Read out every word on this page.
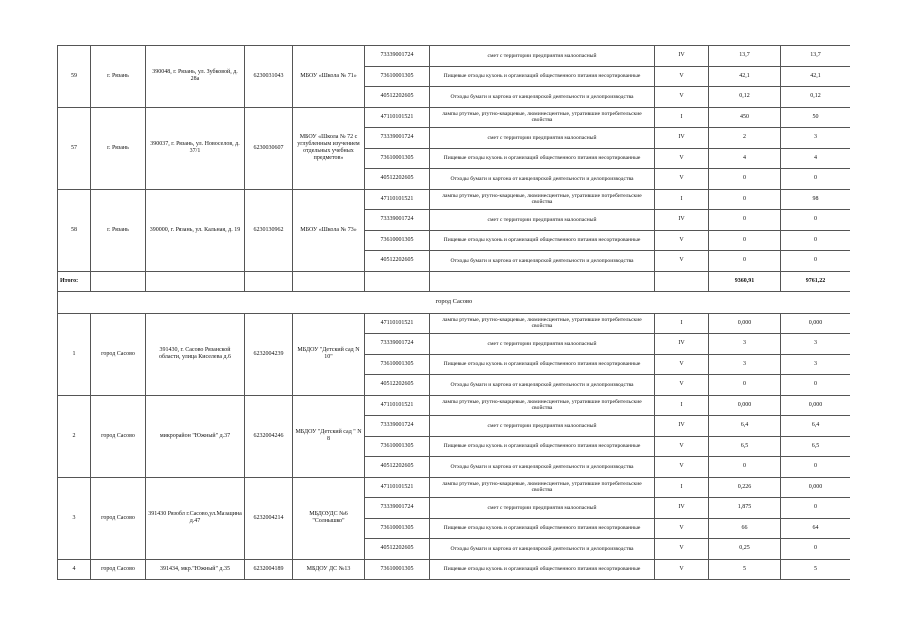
59	г. Рязань	390048, г. Рязань, ул. Зубковой, д. 28а	6230031043	МБОУ «Школа № 71»	73339001724	смет с территории предприятия малоопасный	IV	13,7	13,7
					73610001305	Пищевые отходы кухонь и организаций общественного питания несортированные	V	42,1	42,1
					40512202605	Отходы бумаги и картона от канцелярской деятельности и делопроизводства	V	0,12	0,12
57	г. Рязань	390037, г. Рязань, ул. Новоселов, д. 37/1	6230030607	МБОУ «Школа № 72 с углубленным изучением отдельных учебных предметов»	47110101521	лампы ртутные, ртутно-кварцевые, люминесцентные, утратившие потребительские свойства	I	450	50
					73339001724	смет с территории предприятия малоопасный	IV	2	3
					73610001305	Пищевые отходы кухонь и организаций общественного питания несортированные	V	4	4
					40512202605	Отходы бумаги и картона от канцелярской деятельности и делопроизводства	V	0	0
58	г. Рязань	390000, г. Рязань, ул. Кальная, д. 19	6230130962	МБОУ «Школа № 73»	47110101521	лампы ртутные, ртутно-кварцевые, люминесцентные, утратившие потребительские свойства	I	0	98
					73339001724	смет с территории предприятия малоопасный	IV	0	0
					73610001305	Пищевые отходы кухонь и организаций общественного питания несортированные	V	0	0
					40512202605	Отходы бумаги и картона от канцелярской деятельности и делопроизводства	V	0	0
Итого:								9360,91	9761,22
город Сасово									
1	город Сасово	391430, г. Сасово Рязанской области, улица Киселева д.6	6232004239	МБДОУ "Детский сад N 10"	47110101521	лампы ртутные, ртутно-кварцевые, люминесцентные, утратившие потребительские свойства	I	0,000	0,000
					73339001724	смет с территории предприятия малоопасный	IV	3	3
					73610001305	Пищевые отходы кухонь и организаций общественного питания несортированные	V	3	3
					40512202605	Отходы бумаги и картона от канцелярской деятельности и делопроизводства	V	0	0
2	город Сасово	микрорайон "Южный" д.37	6232004246	МБДОУ "Детский сад " N 8	47110101521	лампы ртутные, ртутно-кварцевые, люминесцентные, утратившие потребительские свойства	I	0,000	0,000
					73339001724	смет с территории предприятия малоопасный	IV	6,4	6,4
					73610001305	Пищевые отходы кухонь и организаций общественного питания несортированные	V	6,5	6,5
					40512202605	Отходы бумаги и картона от канцелярской деятельности и делопроизводства	V	0	0
3	город Сасово	391430 Рязобл г.Сасово,ул.Мазацина д.47	6232004214	МБДОУДС №6 "Солнышко"	47110101521	лампы ртутные, ртутно-кварцевые, люминесцентные, утратившие потребительские свойства	I	0,226	0,000
					73339001724	смет с территории предприятия малоопасный	IV	1,875	0
					73610001305	Пищевые отходы кухонь и организаций общественного питания несортированные	V	66	64
					40512202605	Отходы бумаги и картона от канцелярской деятельности и делопроизводства	V	0,25	0
4	город Сасово	391434, мкр."Южный" д.35	6232004189	МБДОУ ДС №13	73610001305	Пищевые отходы кухонь и организаций общественного питания несортированные	V	5	5
